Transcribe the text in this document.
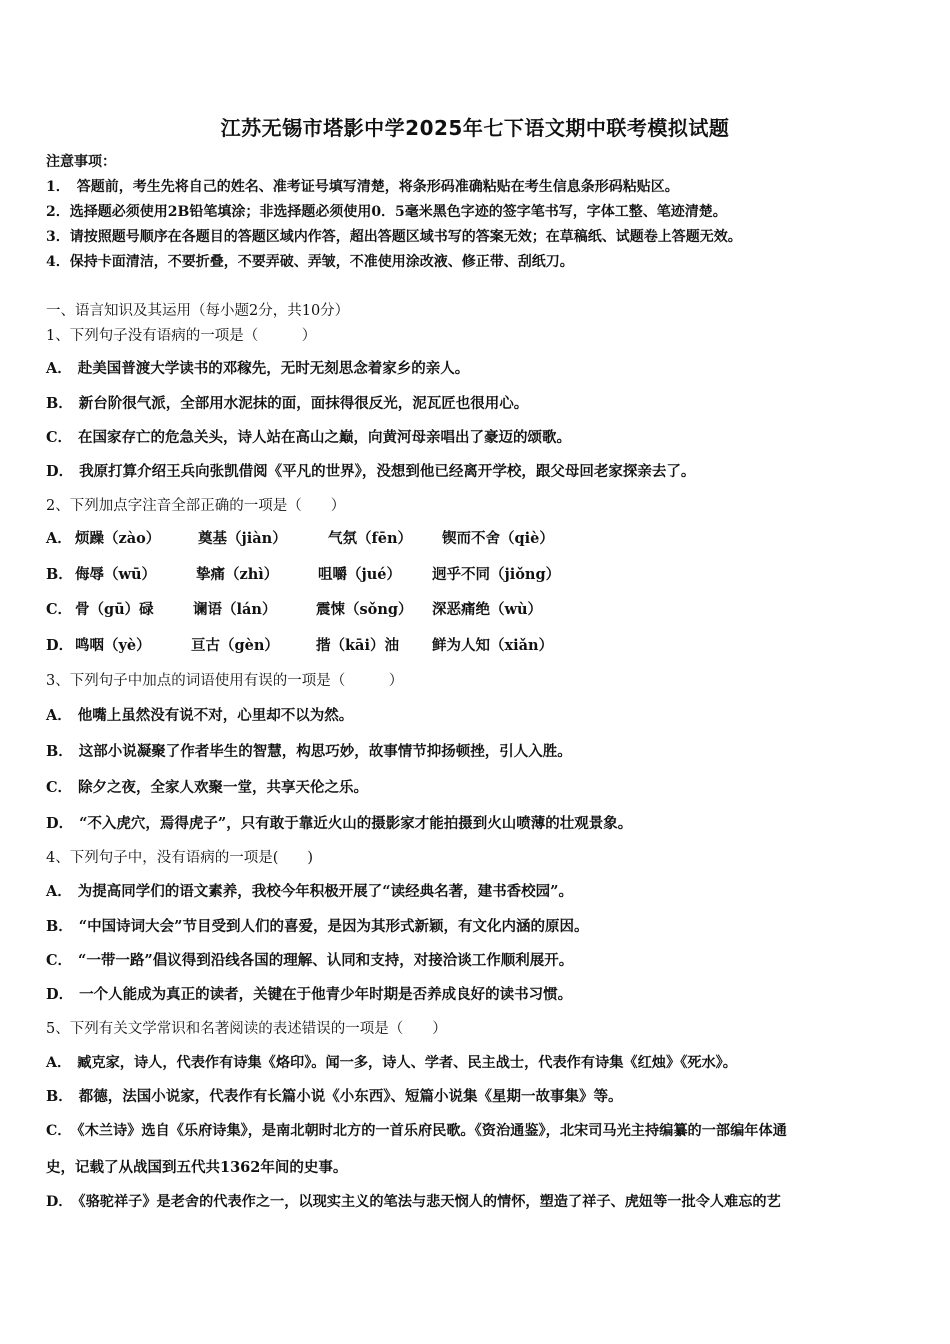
江苏无锡市塔影中学2025年七下语文期中联考模拟试题
注意事项：
1．　答题前，考生先将自己的姓名、准考证号填写清楚，将条形码准确粘贴在考生信息条形码粘贴区。
2．选择题必须使用2B铅笔填涂；非选择题必须使用0．5毫米黑色字迹的签字笔书写，字体工整、笔迹清楚。
3．请按照题号顺序在各题目的答题区域内作答，超出答题区域书写的答案无效；在草稿纸、试题卷上答题无效。
4．保持卡面清洁，不要折叠，不要弄破、弄皱，不准使用涂改液、修正带、刮纸刀。
一、语言知识及其运用（每小题2分，共10分）
1、下列句子没有语病的一项是（　　　）
A． 赴美国普渡大学读书的邓稼先，无时无刻思念着家乡的亲人。
B． 新台阶很气派，全部用水泥抹的面，面抹得很反光，泥瓦匠也很用心。
C． 在国家存亡的危急关头，诗人站在高山之巅，向黄河母亲唱出了豪迈的颂歌。
D． 我原打算介绍王兵向张凯借阅《平凡的世界》，没想到他已经离开学校，跟父母回老家探亲去了。
2、下列加点字注音全部正确的一项是（　　）
A． 烦躁（zào）	奠基（jiàn）	气氛（fēn） 锲而不舍（qiè）
B． 侮辱（wū）	挚痛（zhì）	咀嚼（jué） 迥乎不同（jiǒng）
C． 骨（gū）碌	谰语（lán）	震悚（sǒng） 深恶痛绝（wù）
D． 鸣咽（yè）	亘古（gèn）	揩（kāi）油 鲜为人知（xiǎn）
3、下列句子中加点的词语使用有误的一项是（　　　）
A． 他嘴上虽然没有说不对，心里却不以为然。
B． 这部小说凝聚了作者毕生的智慧，构思巧妙，故事情节抑扬顿挫，引人入胜。
C． 除夕之夜，全家人欢聚一堂，共享天伦之乐。
D． “不入虎穴，焉得虎子”，只有敢于靠近火山的摄影家才能拍摄到火山喷薄的壮观景象。
4、下列句子中，没有语病的一项是(　　)
A． 为提高同学们的语文素养，我校今年积极开展了“读经典名著，建书香校园”。
B． “中国诗词大会”节目受到人们的喜爱，是因为其形式新颖，有文化内涵的原因。
C． “一带一路”倡议得到沿线各国的理解、认同和支持，对接洽谈工作顺利展开。
D． 一个人能成为真正的读者，关键在于他青少年时期是否养成良好的读书习惯。
5、下列有关文学常识和名著阅读的表述错误的一项是（　　）
A． 臧克家，诗人，代表作有诗集《烙印》。闻一多，诗人、学者、民主战士，代表作有诗集《红烛》《死水》。
B． 都德，法国小说家，代表作有长篇小说《小东西》、短篇小说集《星期一故事集》等。
C． 《木兰诗》选自《乐府诗集》，是南北朝时北方的一首乐府民歌。《资治通鉴》，北宋司马光主持编纂的一部编年体通
史，记载了从战国到五代共1362年间的史事。
D． 《骆驼祥子》是老舍的代表作之一，以现实主义的笔法与悲天悯人的情怀，塑造了祥子、虎妞等一批令人难忘的艺
